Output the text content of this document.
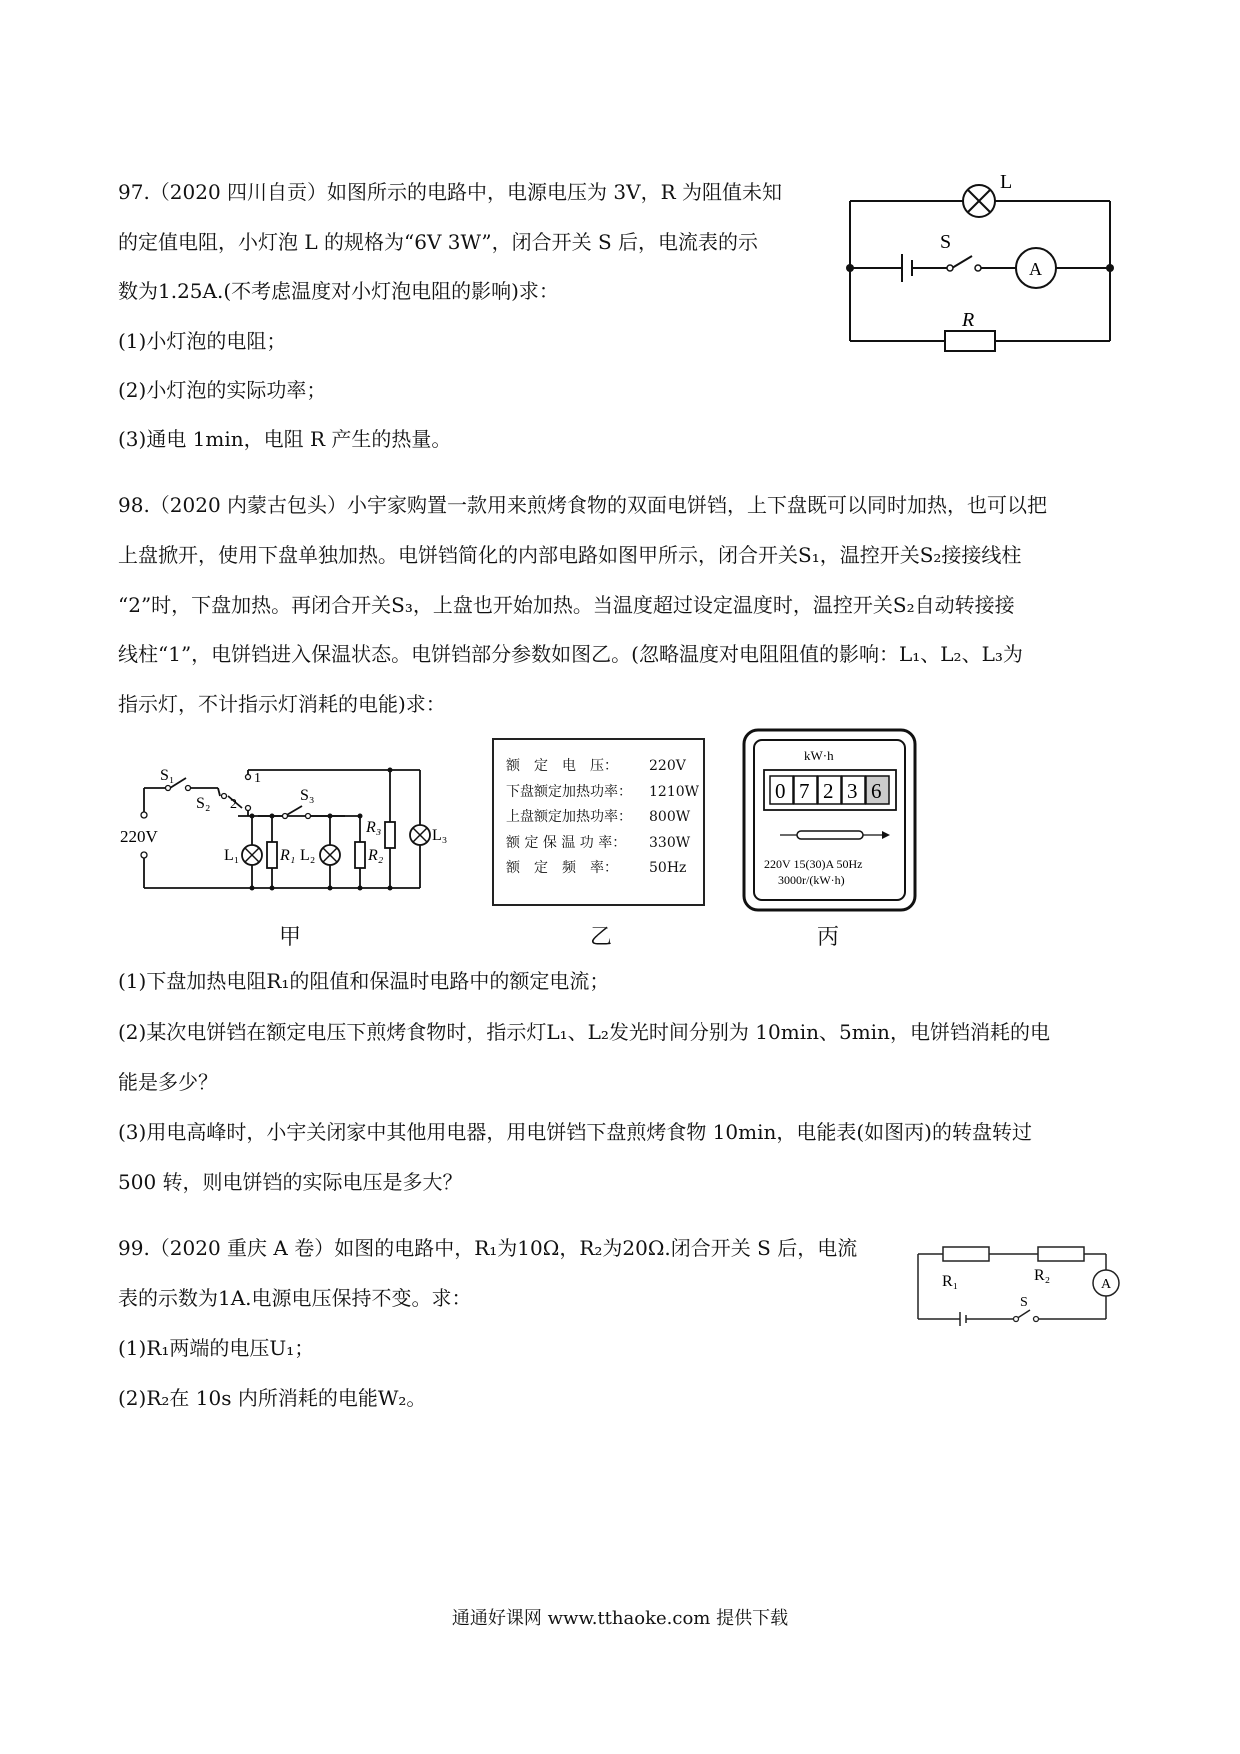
97.（2020 四川自贡）如图所示的电路中，电源电压为 3V，R 为阻值未知
的定值电阻，小灯泡 L 的规格为“6V 3W”，闭合开关 S 后，电流表的示
数为1.25A.(不考虑温度对小灯泡电阻的影响)求：
(1)小灯泡的电阻；
(2)小灯泡的实际功率；
(3)通电 1min，电阻 R 产生的热量。
L
S
A
R
98.（2020 内蒙古包头）小宇家购置一款用来煎烤食物的双面电饼铛，上下盘既可以同时加热，也可以把
上盘掀开，使用下盘单独加热。电饼铛简化的内部电路如图甲所示，闭合开关S₁，温控开关S₂接接线柱
“2”时，下盘加热。再闭合开关S₃，上盘也开始加热。当温度超过设定温度时，温控开关S₂自动转接接
线柱“1”，电饼铛进入保温状态。电饼铛部分参数如图乙。(忽略温度对电阻阻值的影响：L₁、L₂、L₃为
指示灯，不计指示灯消耗的电能)求：
S₁
S₂
1
2
S₃
220V
L₁	R₁ L₂	R₂
R₃	L₃
额　定　电　压：	220V
下盘额定加热功率：	1210W
上盘额定加热功率：	800W
额 定 保 温 功 率：	330W
额　定　频　率：	50Hz
kW·h
0 7 2 3 6
220V 15(30)A 50Hz
3000r/(kW·h)
甲	乙	丙
(1)下盘加热电阻R₁的阻值和保温时电路中的额定电流；
(2)某次电饼铛在额定电压下煎烤食物时，指示灯L₁、L₂发光时间分别为 10min、5min，电饼铛消耗的电
能是多少？
(3)用电高峰时，小宇关闭家中其他用电器，用电饼铛下盘煎烤食物 10min，电能表(如图丙)的转盘转过
500 转，则电饼铛的实际电压是多大？
99.（2020 重庆 A 卷）如图的电路中，R₁为10Ω，R₂为20Ω.闭合开关 S 后，电流
表的示数为1A.电源电压保持不变。求：
(1)R₁两端的电压U₁；
(2)R₂在 10s 内所消耗的电能W₂。
R₁	R₂
A
S
通通好课网 www.tthaoke.com 提供下载
